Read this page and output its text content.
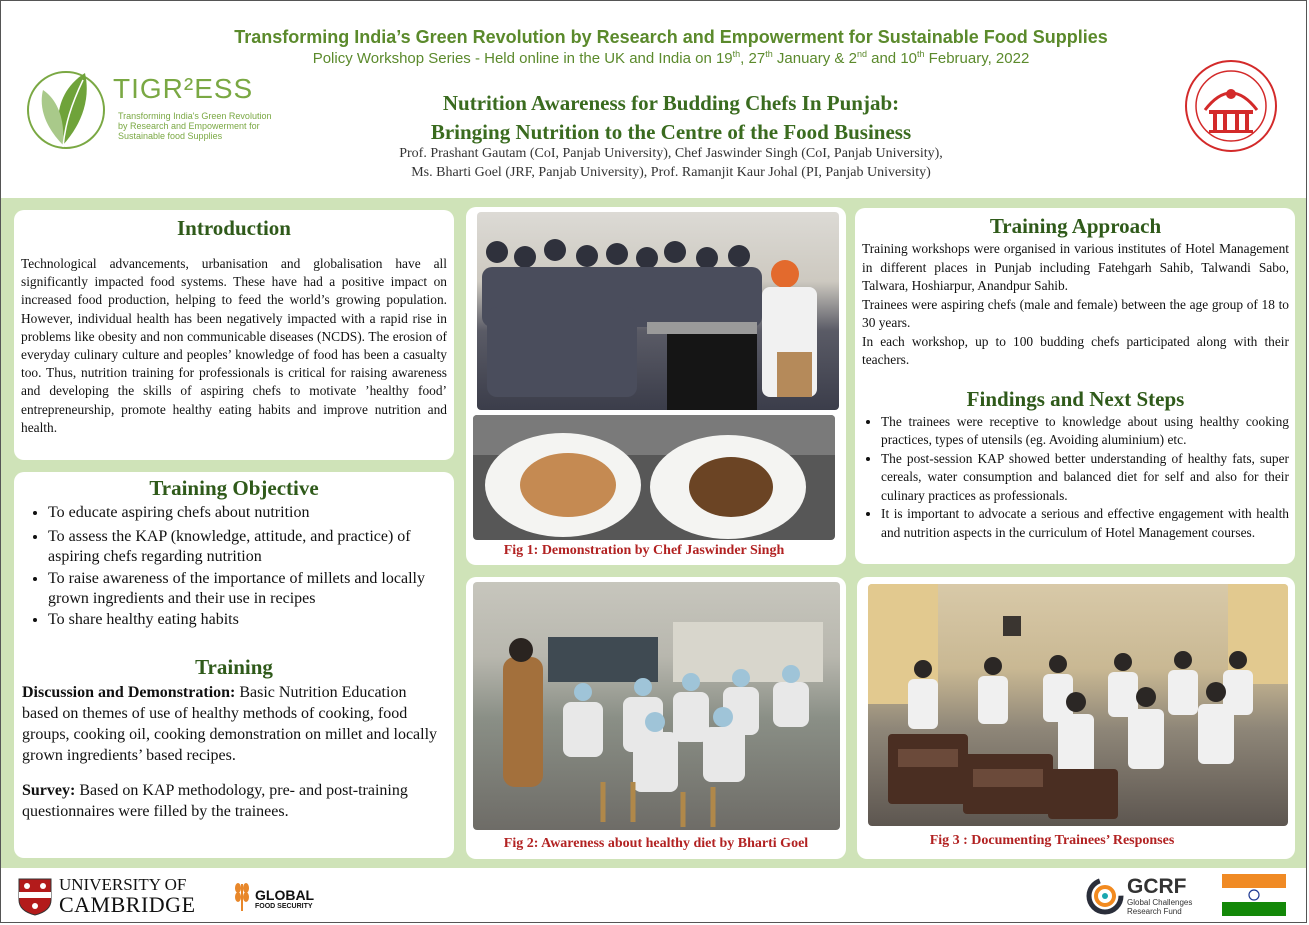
Transforming India’s Green Revolution by Research and Empowerment for Sustainable Food Supplies
Policy Workshop Series - Held online in the UK and India on 19th, 27th January & 2nd and 10th February, 2022
TIGR²ESS
Transforming India's Green Revolution by Research and Empowerment for Sustainable food Supplies
Nutrition Awareness for Budding Chefs In Punjab:
Bringing Nutrition to the Centre of the Food Business
Prof. Prashant Gautam (CoI, Panjab University), Chef Jaswinder Singh (CoI, Panjab University),
Ms. Bharti Goel (JRF, Panjab University), Prof. Ramanjit Kaur Johal (PI, Panjab University)
Introduction
Technological advancements, urbanisation and globalisation have all significantly impacted food systems. These have had a positive impact on increased food production, helping to feed the world’s growing population. However, individual health has been negatively impacted with a rapid rise in problems like obesity and non communicable diseases (NCDS). The erosion of everyday culinary culture and peoples’ knowledge of food has been a casualty too. Thus, nutrition training for professionals is critical for raising awareness and developing the skills of aspiring chefs to motivate ’healthy food’ entrepreneurship, promote healthy eating habits and improve nutrition and health.
Training Objective
• To educate aspiring chefs about nutrition
• To assess the KAP (knowledge, attitude, and practice) of aspiring chefs regarding nutrition
• To raise awareness of the importance of millets and locally grown ingredients and their use in recipes
• To share healthy eating habits
Training
Discussion and Demonstration: Basic Nutrition Education based on themes of use of healthy methods of cooking, food groups, cooking oil, cooking demonstration on millet and locally grown ingredients’ based recipes.
Survey: Based on KAP methodology, pre- and post-training questionnaires were filled by the trainees.
Fig 1: Demonstration by Chef Jaswinder Singh
Training Approach
Training workshops were organised in various institutes of Hotel Management in different places in Punjab including Fatehgarh Sahib, Talwandi Sabo, Talwara, Hoshiarpur, Anandpur Sahib.
Trainees were aspiring chefs (male and female) between the age group of 18 to 30 years.
In each workshop, up to 100 budding chefs participated along with their teachers.
Findings and Next Steps
• The trainees were receptive to knowledge about using healthy cooking practices, types of utensils (eg. Avoiding aluminium) etc.
• The post-session KAP showed better understanding of healthy fats, super cereals, water consumption and balanced diet for self and also for their culinary practices as professionals.
• It is important to advocate a serious and effective engagement with health and nutrition aspects in the curriculum of Hotel Management courses.
Fig 2: Awareness about healthy diet by Bharti Goel	Fig 3 : Documenting Trainees’ Responses
UNIVERSITY OF
CAMBRIDGE	GLOBAL
FOOD SECURITY
GCRF
Global Challenges
Research Fund
